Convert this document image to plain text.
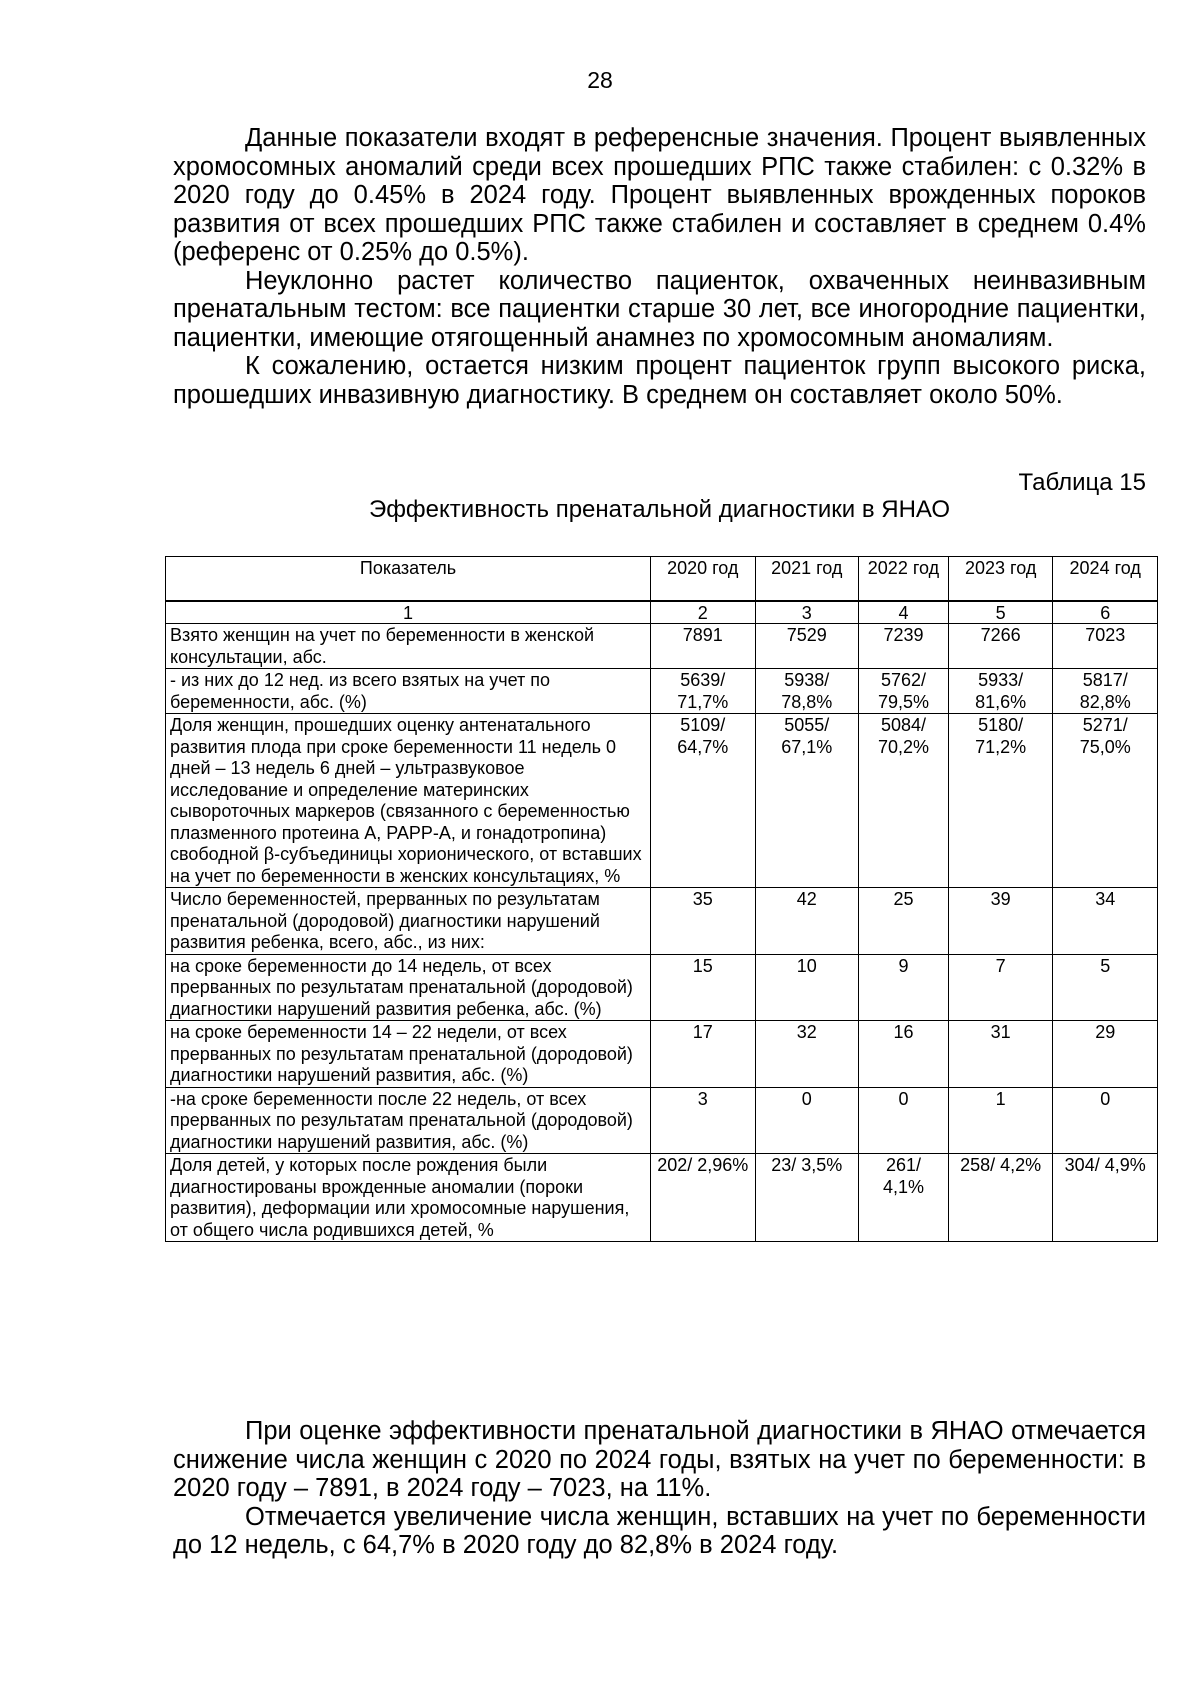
28

Данные показатели входят в референсные значения. Процент выявленных хромосомных аномалий среди всех прошедших РПС также стабилен: с 0.32% в 2020 году до 0.45% в 2024 году. Процент выявленных врожденных пороков развития от всех прошедших РПС также стабилен и составляет в среднем 0.4% (референс от 0.25% до 0.5%).

Неуклонно растет количество пациенток, охваченных неинвазивным пренатальным тестом: все пациентки старше 30 лет, все иногородние пациентки, пациентки, имеющие отягощенный анамнез по хромосомным аномалиям.

К сожалению, остается низким процент пациенток групп высокого риска, прошедших инвазивную диагностику. В среднем он составляет около 50%.

Таблица 15
Эффективность пренатальной диагностики в ЯНАО
Показатель	2020 год	2021 год	2022 год	2023 год	2024 год
1	2	3	4	5	6
Взято женщин на учет по беременности в женской консультации, абс.	7891	7529	7239	7266	7023
- из них до 12 нед. из всего взятых на учет по беременности, абс. (%)	5639/ 71,7%	5938/ 78,8%	5762/ 79,5%	5933/ 81,6%	5817/ 82,8%
Доля женщин, прошедших оценку антенатального развития плода при сроке беременности 11 недель 0 дней – 13 недель 6 дней – ультразвуковое исследование и определение материнских сывороточных маркеров (связанного с беременностью плазменного протеина А, PAPP-A, и гонадотропина) свободной β-субъединицы хорионического, от вставших на учет по беременности в женских консультациях, %	5109/ 64,7%	5055/ 67,1%	5084/ 70,2%	5180/ 71,2%	5271/ 75,0%
Число беременностей, прерванных по результатам пренатальной (дородовой) диагностики нарушений развития ребенка, всего, абс., из них:	35	42	25	39	34
на сроке беременности до 14 недель, от всех прерванных по результатам пренатальной (дородовой) диагностики нарушений развития ребенка, абс. (%)	15	10	9	7	5
на сроке беременности 14 – 22 недели, от всех прерванных по результатам пренатальной (дородовой) диагностики нарушений развития, абс. (%)	17	32	16	31	29
-на сроке беременности после 22 недель, от всех прерванных по результатам пренатальной (дородовой) диагностики нарушений развития, абс. (%)	3	0	0	1	0
Доля детей, у которых после рождения были диагностированы врожденные аномалии (пороки развития), деформации или хромосомные нарушения, от общего числа родившихся детей, %	202/ 2,96%	23/ 3,5%	261/ 4,1%	258/ 4,2%	304/ 4,9%

При оценке эффективности пренатальной диагностики в ЯНАО отмечается снижение числа женщин с 2020 по 2024 годы, взятых на учет по беременности: в 2020 году – 7891, в 2024 году – 7023, на 11%.

Отмечается увеличение числа женщин, вставших на учет по беременности до 12 недель, с 64,7% в 2020 году до 82,8% в 2024 году.
